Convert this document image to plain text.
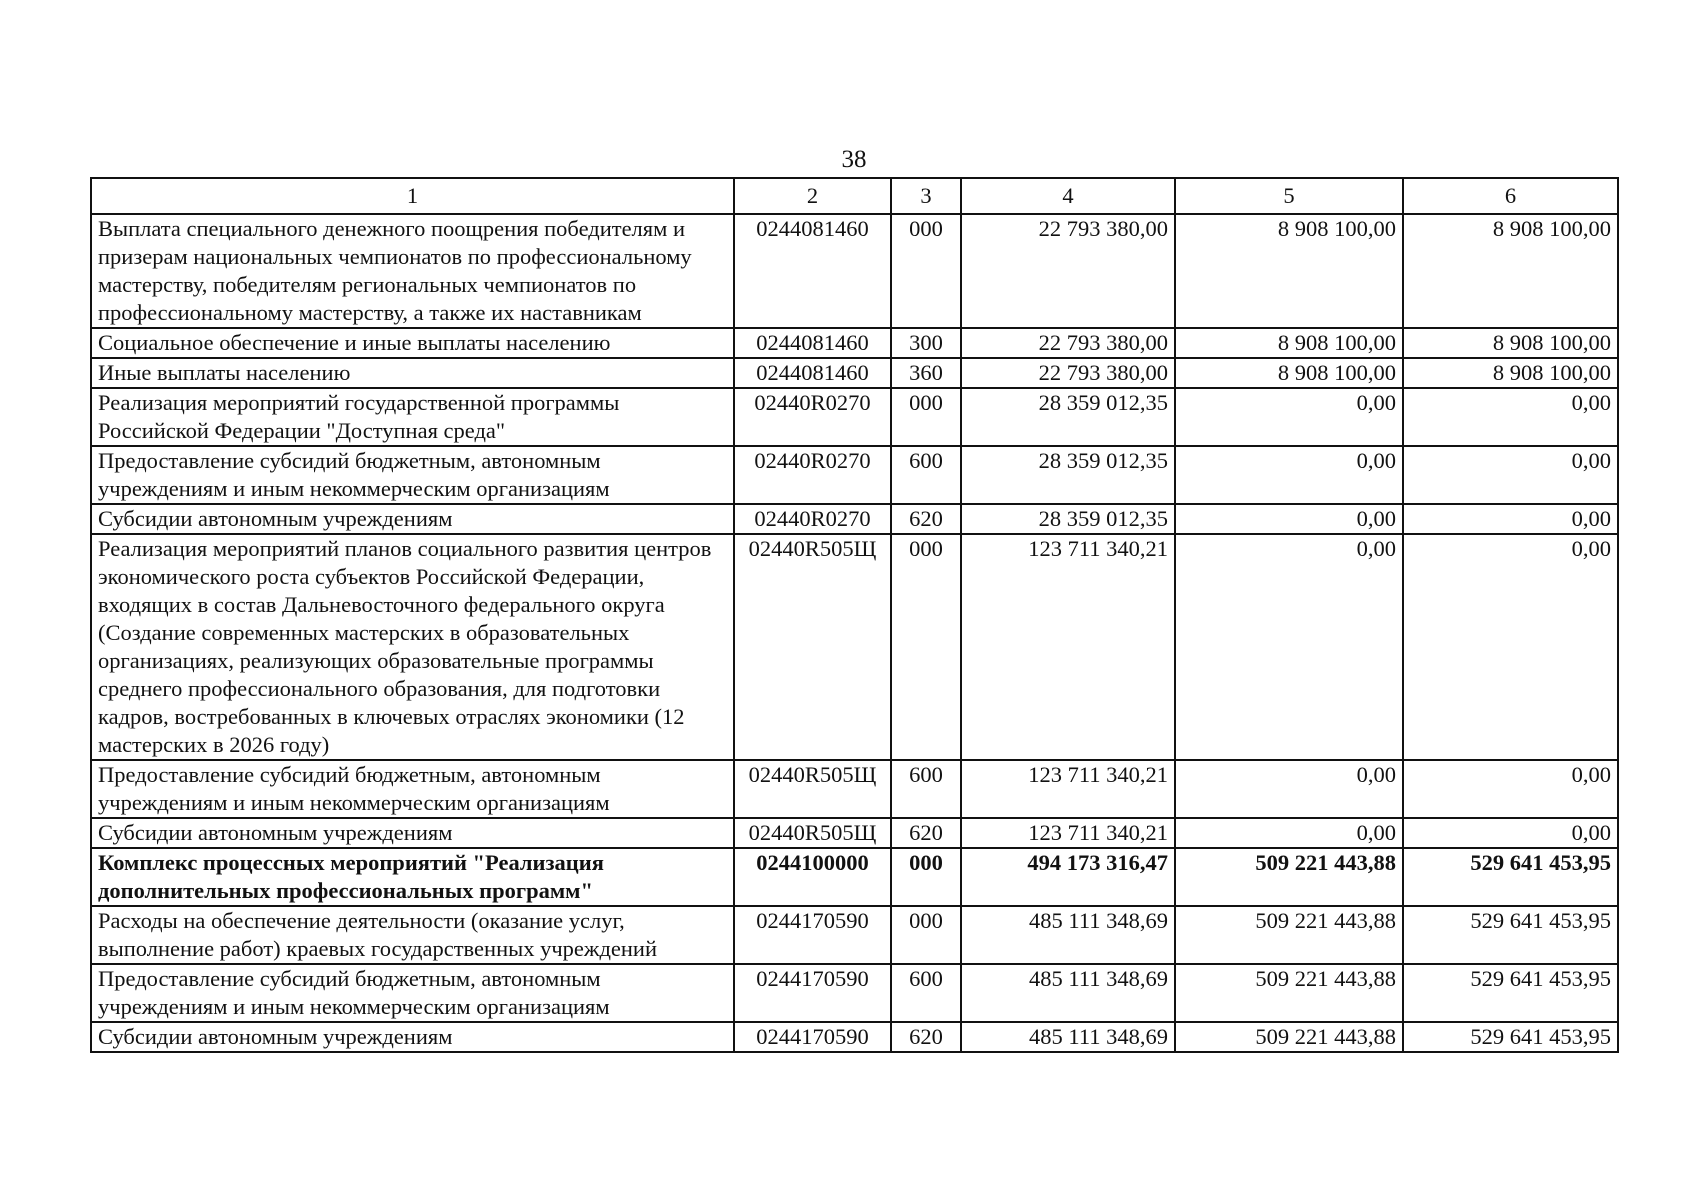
38
1	2	3	4	5	6
Выплата специального денежного поощрения победителям и призерам национальных чемпионатов по профессиональному мастерству, победителям региональных чемпионатов по профессиональному мастерству, а также их наставникам	0244081460	000	22 793 380,00	8 908 100,00	8 908 100,00
Социальное обеспечение и иные выплаты населению	0244081460	300	22 793 380,00	8 908 100,00	8 908 100,00
Иные выплаты населению	0244081460	360	22 793 380,00	8 908 100,00	8 908 100,00
Реализация мероприятий государственной программы Российской Федерации "Доступная среда"	02440R0270	000	28 359 012,35	0,00	0,00
Предоставление субсидий бюджетным, автономным учреждениям и иным некоммерческим организациям	02440R0270	600	28 359 012,35	0,00	0,00
Субсидии автономным учреждениям	02440R0270	620	28 359 012,35	0,00	0,00
Реализация мероприятий планов социального развития центров экономического роста субъектов Российской Федерации, входящих в состав Дальневосточного федерального округа (Создание современных мастерских в образовательных организациях, реализующих образовательные программы среднего профессионального образования, для подготовки кадров, востребованных в ключевых отраслях экономики (12 мастерских в 2026 году)	02440R505Щ	000	123 711 340,21	0,00	0,00
Предоставление субсидий бюджетным, автономным учреждениям и иным некоммерческим организациям	02440R505Щ	600	123 711 340,21	0,00	0,00
Субсидии автономным учреждениям	02440R505Щ	620	123 711 340,21	0,00	0,00
Комплекс процессных мероприятий "Реализация дополнительных профессиональных программ"	0244100000	000	494 173 316,47	509 221 443,88	529 641 453,95
Расходы на обеспечение деятельности (оказание услуг, выполнение работ) краевых государственных учреждений	0244170590	000	485 111 348,69	509 221 443,88	529 641 453,95
Предоставление субсидий бюджетным, автономным учреждениям и иным некоммерческим организациям	0244170590	600	485 111 348,69	509 221 443,88	529 641 453,95
Субсидии автономным учреждениям	0244170590	620	485 111 348,69	509 221 443,88	529 641 453,95
